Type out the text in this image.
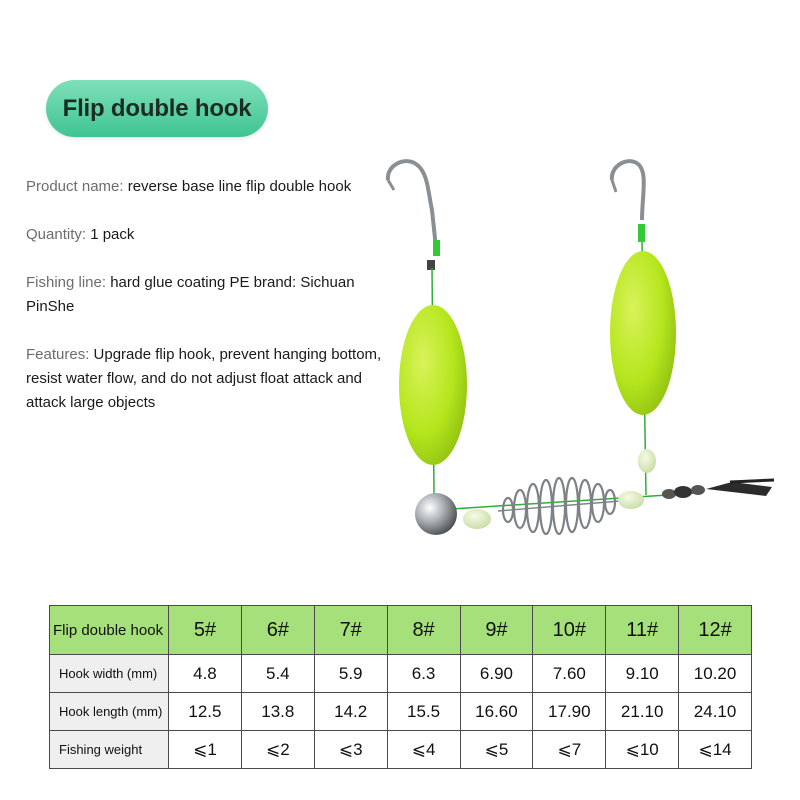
Flip double hook
Product name: reverse base line flip double hook
Quantity: 1 pack
Fishing line: hard glue coating PE brand: Sichuan PinShe
Features: Upgrade flip hook, prevent hanging bottom, resist water flow, and do not adjust float attack and attack large objects
Flip double hook	5#	6#	7#	8#	9#	10#	11#	12#
Hook width (mm)	4.8	5.4	5.9	6.3	6.90	7.60	9.10	10.20
Hook length (mm)	12.5	13.8	14.2	15.5	16.60	17.90	21.10	24.10
Fishing weight	⩽1	⩽2	⩽3	⩽4	⩽5	⩽7	⩽10	⩽14
